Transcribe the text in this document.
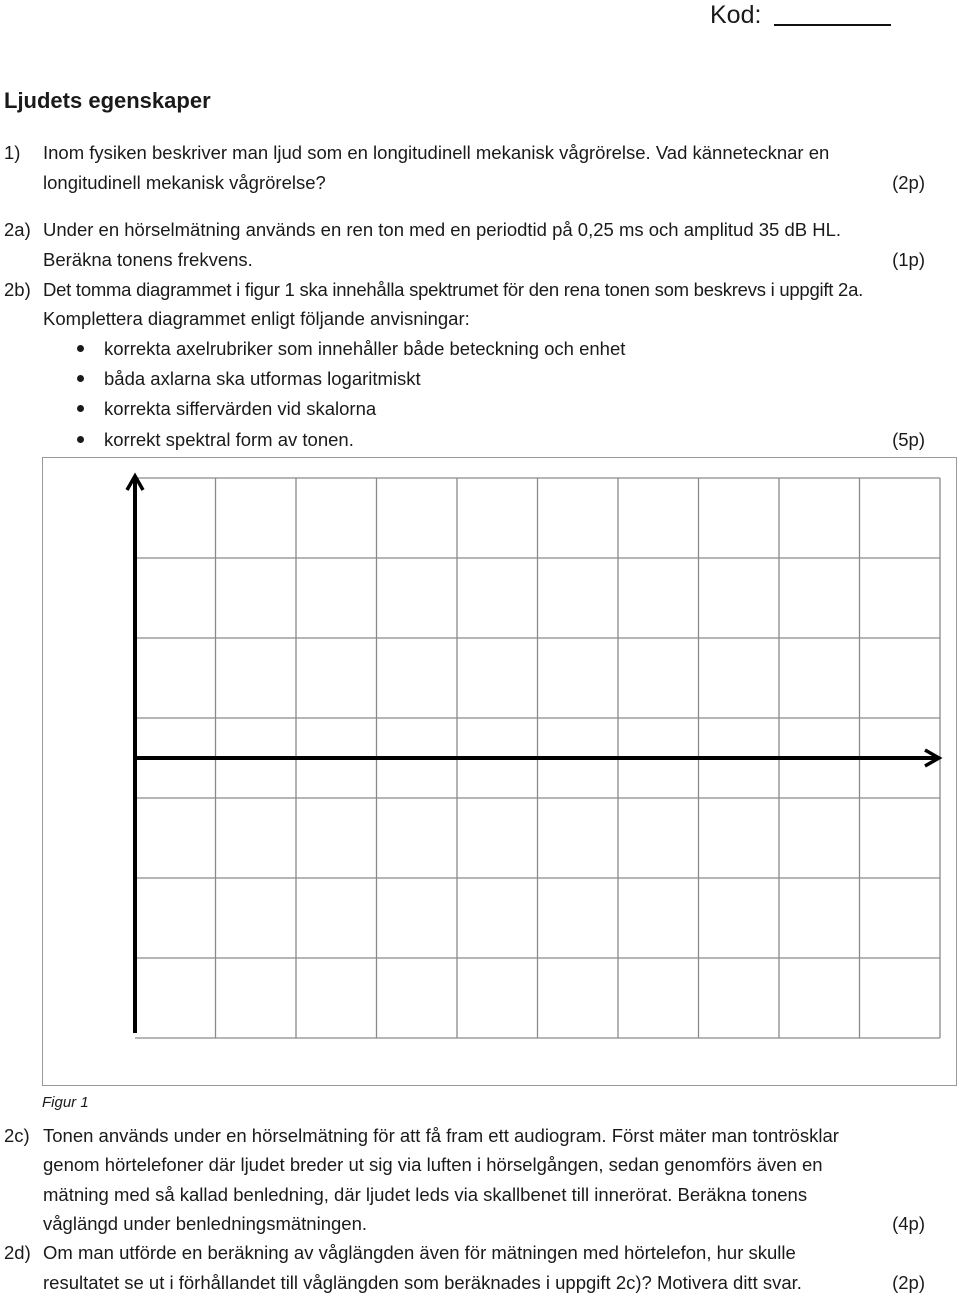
Kod:
Ljudets egenskaper
1) Inom fysiken beskriver man ljud som en longitudinell mekanisk vågrörelse. Vad kännetecknar en
longitudinell mekanisk vågrörelse?	(2p)
2a) Under en hörselmätning används en ren ton med en periodtid på 0,25 ms och amplitud 35 dB HL.
Beräkna tonens frekvens.	(1p)
2b) Det tomma diagrammet i figur 1 ska innehålla spektrumet för den rena tonen som beskrevs i uppgift 2a.
Komplettera diagrammet enligt följande anvisningar:
korrekta axelrubriker som innehåller både beteckning och enhet
båda axlarna ska utformas logaritmiskt
korrekta siffervärden vid skalorna
korrekt spektral form av tonen.	(5p)
Figur 1
2c) Tonen används under en hörselmätning för att få fram ett audiogram. Först mäter man tontrösklar
genom hörtelefoner där ljudet breder ut sig via luften i hörselgången, sedan genomförs även en
mätning med så kallad benledning, där ljudet leds via skallbenet till innerörat. Beräkna tonens
våglängd under benledningsmätningen.	(4p)
2d) Om man utförde en beräkning av våglängden även för mätningen med hörtelefon, hur skulle
resultatet se ut i förhållandet till våglängden som beräknades i uppgift 2c)? Motivera ditt svar.	(2p)
